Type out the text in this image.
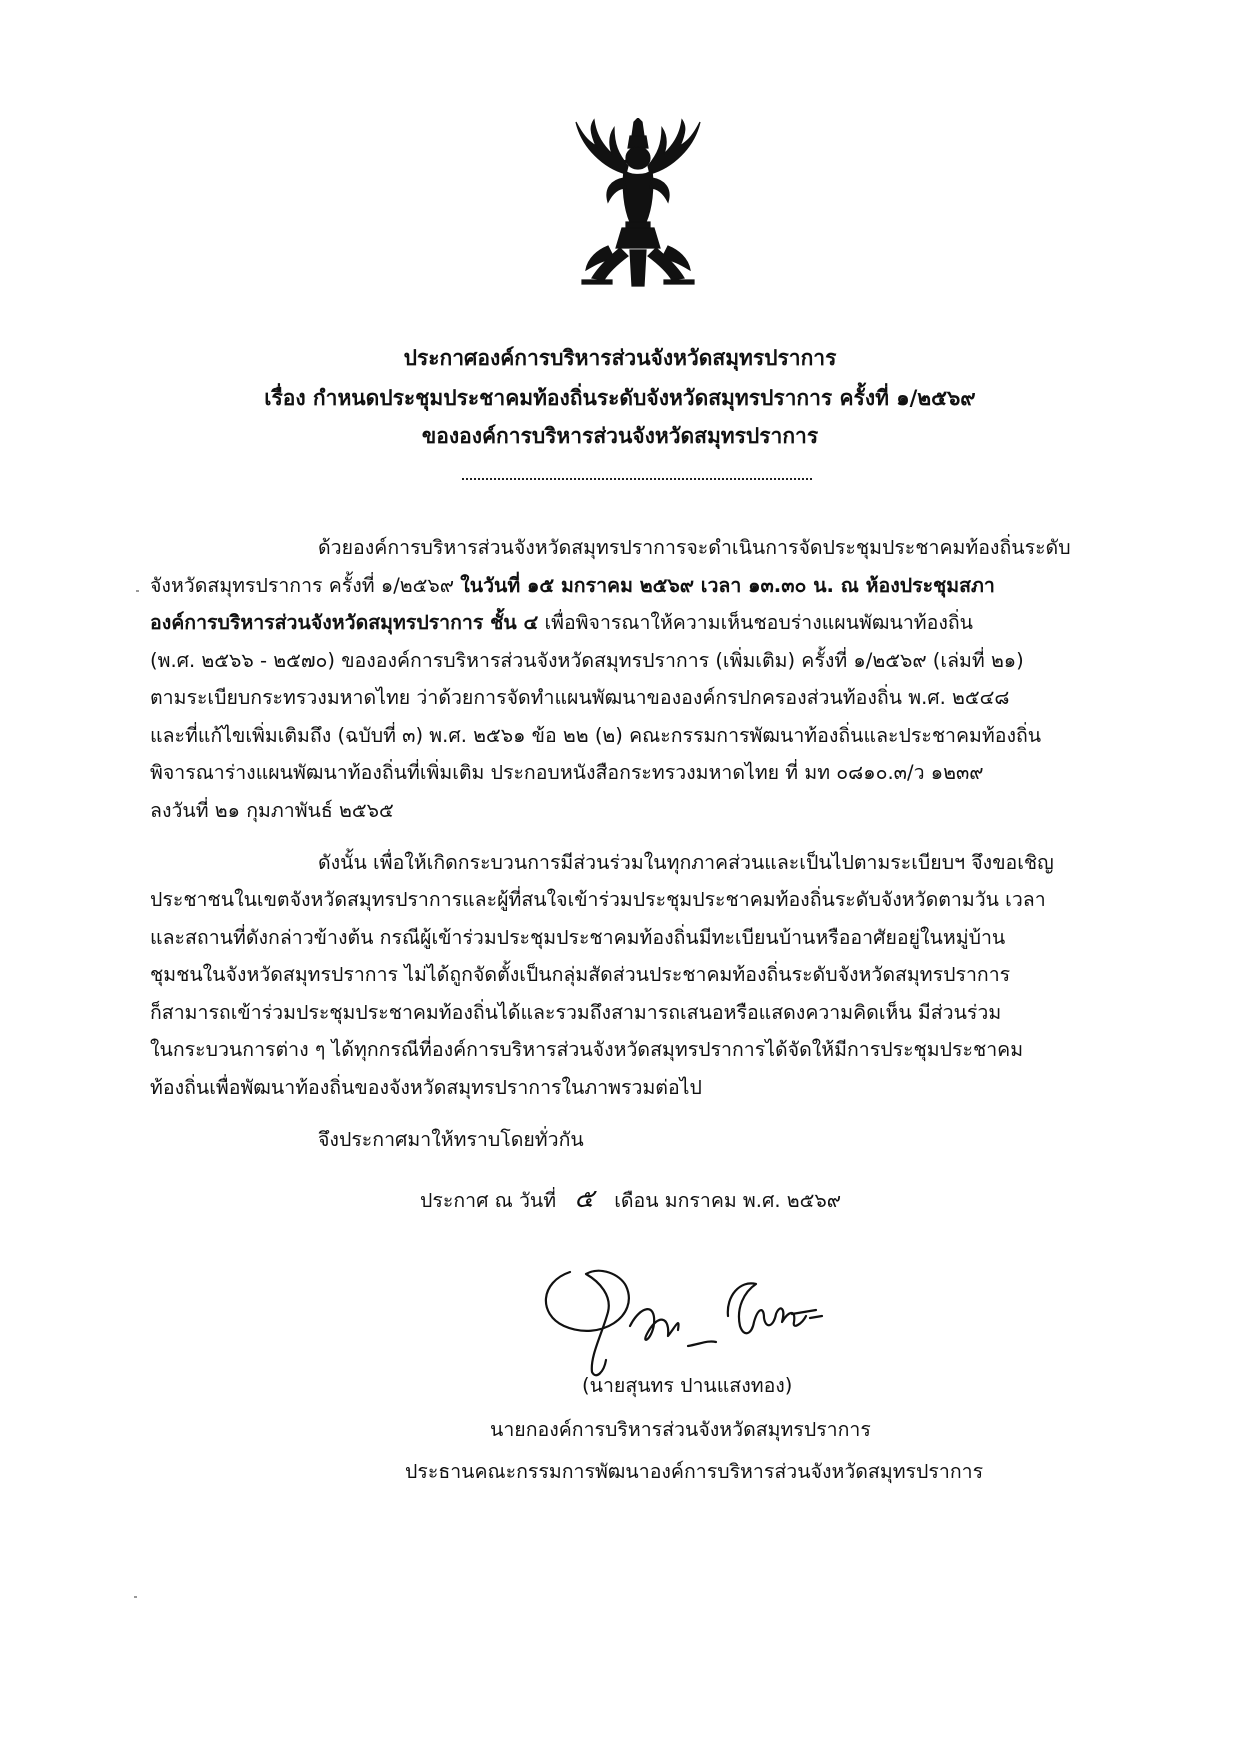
ประกาศองค์การบริหารส่วนจังหวัดสมุทรปราการ
เรื่อง กำหนดประชุมประชาคมท้องถิ่นระดับจังหวัดสมุทรปราการ ครั้งที่ ๑/๒๕๖๙
ขององค์การบริหารส่วนจังหวัดสมุทรปราการ
ด้วยองค์การบริหารส่วนจังหวัดสมุทรปราการจะดำเนินการจัดประชุมประชาคมท้องถิ่นระดับ
จังหวัดสมุทรปราการ ครั้งที่ ๑/๒๕๖๙ ในวันที่ ๑๕ มกราคม ๒๕๖๙ เวลา ๑๓.๓๐ น. ณ ห้องประชุมสภา
องค์การบริหารส่วนจังหวัดสมุทรปราการ ชั้น ๔ เพื่อพิจารณาให้ความเห็นชอบร่างแผนพัฒนาท้องถิ่น
(พ.ศ. ๒๕๖๖ - ๒๕๗๐) ขององค์การบริหารส่วนจังหวัดสมุทรปราการ (เพิ่มเติม) ครั้งที่ ๑/๒๕๖๙ (เล่มที่ ๒๑)
ตามระเบียบกระทรวงมหาดไทย ว่าด้วยการจัดทำแผนพัฒนาขององค์กรปกครองส่วนท้องถิ่น พ.ศ. ๒๕๔๘
และที่แก้ไขเพิ่มเติมถึง (ฉบับที่ ๓) พ.ศ. ๒๕๖๑ ข้อ ๒๒ (๒) คณะกรรมการพัฒนาท้องถิ่นและประชาคมท้องถิ่น
พิจารณาร่างแผนพัฒนาท้องถิ่นที่เพิ่มเติม ประกอบหนังสือกระทรวงมหาดไทย ที่ มท ๐๘๑๐.๓/ว ๑๒๓๙
ลงวันที่ ๒๑ กุมภาพันธ์ ๒๕๖๕
ดังนั้น เพื่อให้เกิดกระบวนการมีส่วนร่วมในทุกภาคส่วนและเป็นไปตามระเบียบฯ จึงขอเชิญ
ประชาชนในเขตจังหวัดสมุทรปราการและผู้ที่สนใจเข้าร่วมประชุมประชาคมท้องถิ่นระดับจังหวัดตามวัน เวลา
และสถานที่ดังกล่าวข้างต้น กรณีผู้เข้าร่วมประชุมประชาคมท้องถิ่นมีทะเบียนบ้านหรืออาศัยอยู่ในหมู่บ้าน
ชุมชนในจังหวัดสมุทรปราการ ไม่ได้ถูกจัดตั้งเป็นกลุ่มสัดส่วนประชาคมท้องถิ่นระดับจังหวัดสมุทรปราการ
ก็สามารถเข้าร่วมประชุมประชาคมท้องถิ่นได้และรวมถึงสามารถเสนอหรือแสดงความคิดเห็น มีส่วนร่วม
ในกระบวนการต่าง ๆ ได้ทุกกรณีที่องค์การบริหารส่วนจังหวัดสมุทรปราการได้จัดให้มีการประชุมประชาคม
ท้องถิ่นเพื่อพัฒนาท้องถิ่นของจังหวัดสมุทรปราการในภาพรวมต่อไป
จึงประกาศมาให้ทราบโดยทั่วกัน
ประกาศ ณ วันที่ ๕ เดือน มกราคม พ.ศ. ๒๕๖๙
(นายสุนทร ปานแสงทอง)
นายกองค์การบริหารส่วนจังหวัดสมุทรปราการ
ประธานคณะกรรมการพัฒนาองค์การบริหารส่วนจังหวัดสมุทรปราการ
